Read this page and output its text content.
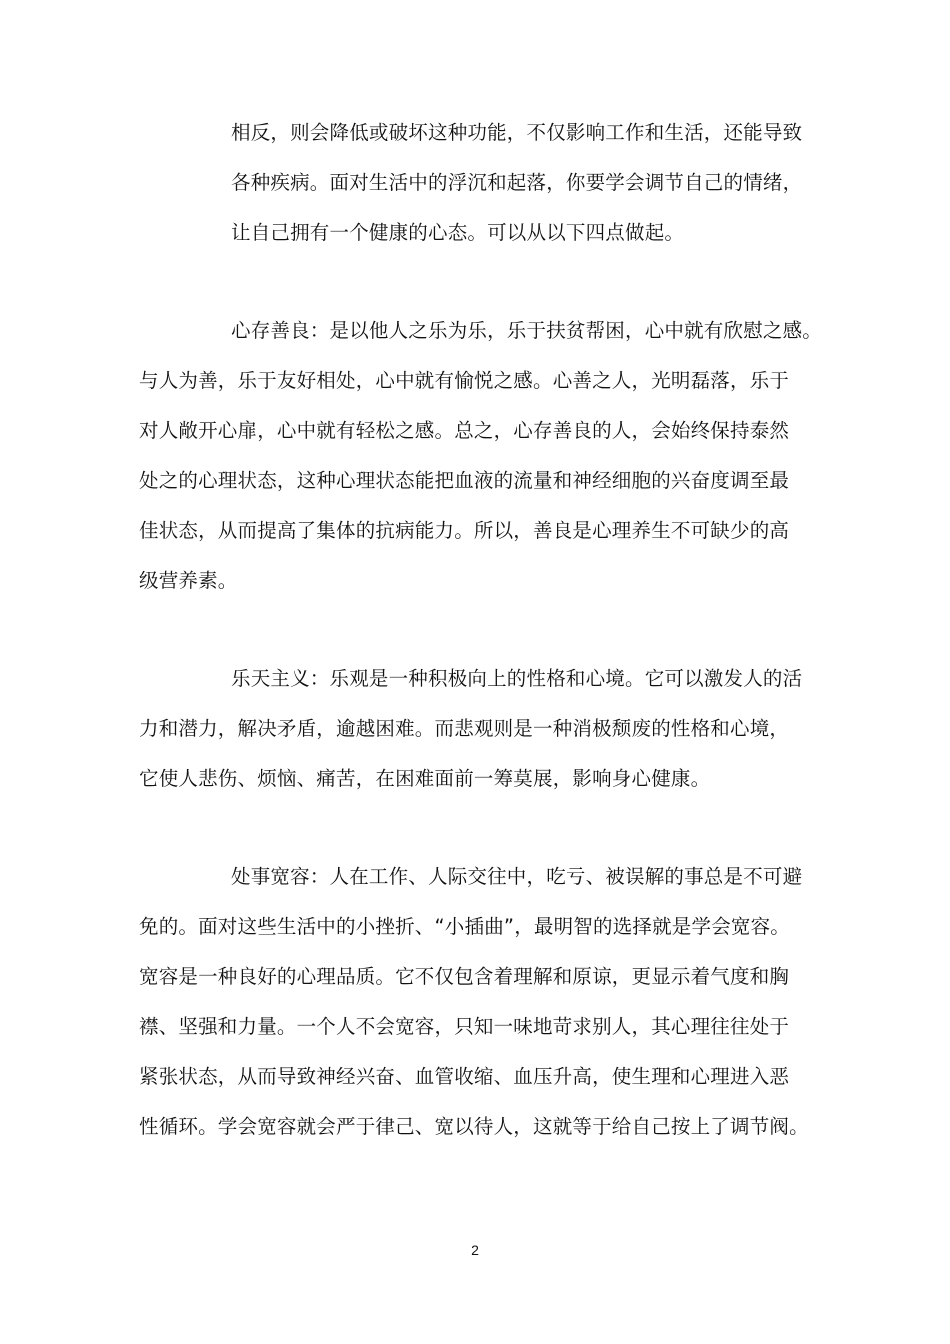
相反，则会降低或破坏这种功能，不仅影响工作和生活，还能导致
各种疾病。面对生活中的浮沉和起落，你要学会调节自己的情绪，
让自己拥有一个健康的心态。可以从以下四点做起。
心存善良：是以他人之乐为乐，乐于扶贫帮困，心中就有欣慰之感。
与人为善，乐于友好相处，心中就有愉悦之感。心善之人，光明磊落，乐于
对人敞开心扉，心中就有轻松之感。总之，心存善良的人，会始终保持泰然
处之的心理状态，这种心理状态能把血液的流量和神经细胞的兴奋度调至最
佳状态，从而提高了集体的抗病能力。所以，善良是心理养生不可缺少的高
级营养素。
乐天主义：乐观是一种积极向上的性格和心境。它可以激发人的活
力和潜力，解决矛盾，逾越困难。而悲观则是一种消极颓废的性格和心境，
它使人悲伤、烦恼、痛苦，在困难面前一筹莫展，影响身心健康。
处事宽容：人在工作、人际交往中，吃亏、被误解的事总是不可避
免的。面对这些生活中的小挫折、“小插曲”，最明智的选择就是学会宽容。
宽容是一种良好的心理品质。它不仅包含着理解和原谅，更显示着气度和胸
襟、坚强和力量。一个人不会宽容，只知一味地苛求别人，其心理往往处于
紧张状态，从而导致神经兴奋、血管收缩、血压升高，使生理和心理进入恶
性循环。学会宽容就会严于律己、宽以待人，这就等于给自己按上了调节阀。
2
